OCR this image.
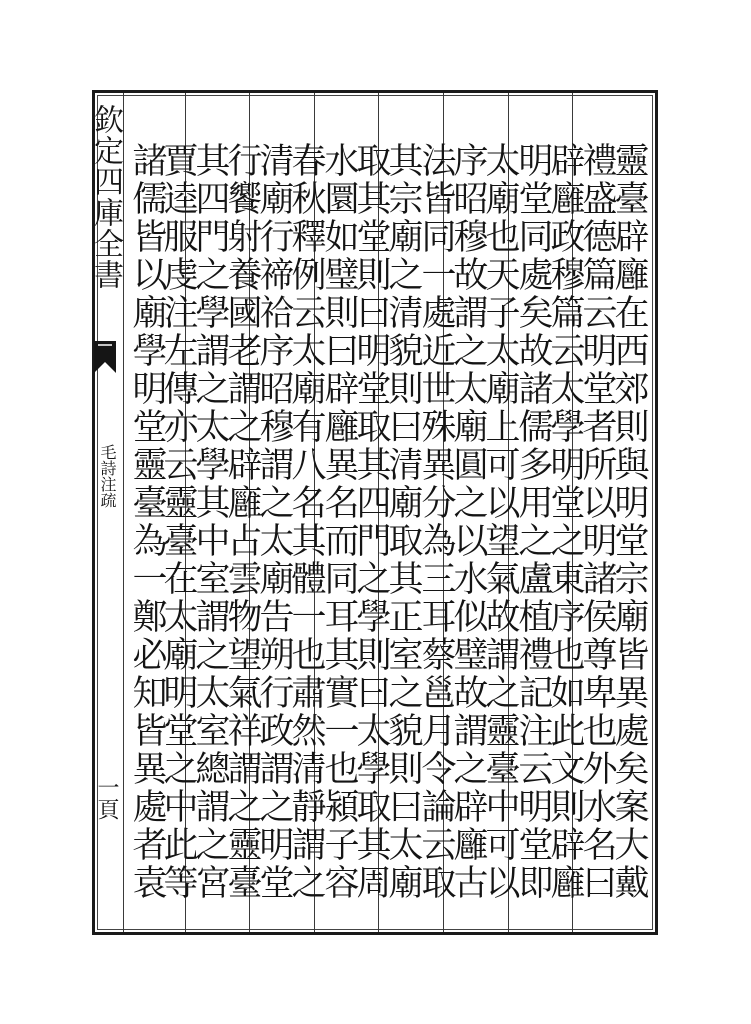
欽定四庫全書
毛詩注疏
一頁	靈臺辟廱在西郊則與明堂宗廟皆異處矣案大戴
禮盛德篇云明堂者所以明諸侯尊卑也外水名曰
辟廱政穆篇云太學明堂之東序也如此文則辟廱
明堂同處矣故諸儒多用之盧植禮記注云明堂即
太廟也天子太廟上可以望氣故謂之靈臺中可以
序昭穆故謂之太廟圓之以水似璧故謂之辟廱古
法皆同一處近世殊異分為三耳蔡邕月令論云取
其宗廟之清貌則曰清廟取其正室之貌則曰太廟
取其堂則曰明堂取其四門之學則曰太學取其周
水圜如璧則曰辟廱異名而同耳其實一也潁子容
春秋釋例云太廟有八名其體一也肅然清靜謂之
清廟行禘祫序昭穆謂之太廟告朔行政謂之明堂
行饗射養國老謂之辟廱占雲物望氣祥謂之靈臺
其四門之學謂之太學其中室謂之太室總謂之宮
賈逵服虔注左傳亦云靈臺在太廟明堂之中此等
諸儒皆以廟學明堂靈臺為一鄭必知皆異處者袁
